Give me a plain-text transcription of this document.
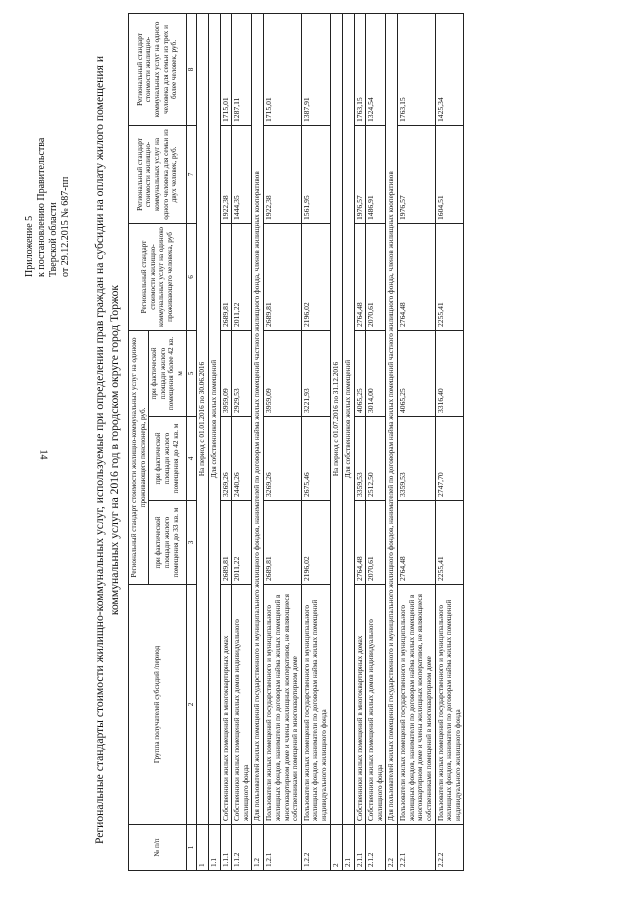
14
Приложение 5 к постановлению Правительства Тверской области от 29.12.2015 № 687-пп Региональные стандарты стоимости жилищно-коммунальных услуг, используемые при определении прав граждан на субсидии на оплату жилого помещения и коммунальных услуг на 2016 год в городском округе город Торжок
№ п/п	Группа получателей субсидий /период	Региональный стандарт стоимости жилищно-коммунальных услуг на одиноко проживающего пенсионера, руб.			Региональный стандарт стоимости жилищно-коммунальных услуг на одиноко проживающего человека, руб	Региональный стандарт стоимости жилищно-коммунальных услуг на одного человека для семьи из двух человек, руб.	Региональный стандарт стоимости жилищно-коммунальных услуг на одного человека для семьи из трех и более человек, руб.
		при фактической площади жилого помещения до 33 кв. м	при фактической площади жилого помещения до 42 кв. м	при фактической площади жилого помещения более 42 кв. м			
1	2	3	4	5	6	7	8
1	На период с 01.01.2016 по 30.06.2016						
1.1	Для собственников жилых помещений						
1.1.1	Собственники жилых помещений в многоквартирных домах	2689,81	3269,26	3959,09	2689,81	1922,38	1715,01
1.1.2	Собственники жилых помещений жилых домов индивидуального жилищного фонда	2011,22	2440,26	2929,53	2011,22	1444,35	1287,11
1.2	Для пользователей жилых помещений государственного и муниципального жилищного фондов, нанимателей по договорам найма жилых помещений частного жилищного фонда, членов жилищных кооперативов						
1.2.1	Пользователи жилых помещений государственного и муниципального жилищных фондов, наниматели по договорам найма жилых помещений в многоквартирном доме и члены жилищных кооперативов, не являющиеся собственниками помещений в многоквартирном доме	2689,81	3269,26	3959,09	2689,81	1922,38	1715,01
1.2.2	Пользователи жилых помещений государственного и муниципального жилищных фондов, наниматели по договорам найма жилых помещений индивидуального жилищного фонда	2196,02	2675,46	3221,93	2196,02	1561,95	1387,91
2	На период с 01.07.2016 по 31.12.2016						
2.1	Для собственников жилых помещений						
2.1.1	Собственники жилых помещений в многоквартирных домах	2764,48	3359,53	4065,25	2764,48	1976,57	1763,15
2.1.2	Собственники жилых помещений жилых домов индивидуального жилищного фонда	2070,61	2512,50	3014,00	2070,61	1486,91	1324,54
2.2	Для пользователей жилых помещений государственного и муниципального жилищного фондов, нанимателей по договорам найма жилых помещений частного жилищного фонда, членов жилищных кооперативов						
2.2.1	Пользователи жилых помещений государственного и муниципального жилищных фондов, наниматели по договорам найма жилых помещений в многоквартирном доме и члены жилищных кооперативов, не являющиеся собственниками помещений в многоквартирном доме	2764,48	3359,53	4065,25	2764,48	1976,57	1763,15
2.2.2	Пользователи жилых помещений государственного и муниципального жилищных фондов, наниматели по договорам найма жилых помещений индивидуального жилищного фонда	2255,41	2747,70	3316,40	2255,41	1604,51	1425,34
